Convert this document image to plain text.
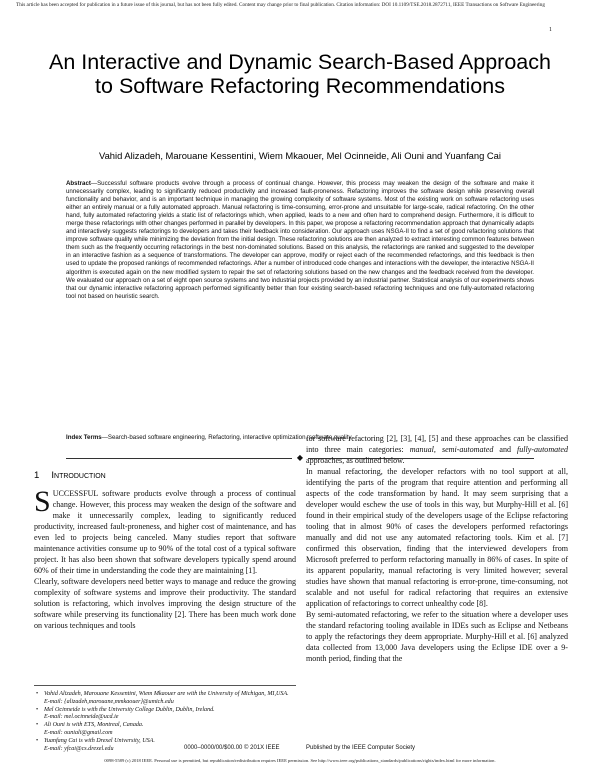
This article has been accepted for publication in a future issue of this journal, but has not been fully edited. Content may change prior to final publication. Citation information: DOI 10.1109/TSE.2018.2872711, IEEE Transactions on Software Engineering
1
An Interactive and Dynamic Search-Based Approach to Software Refactoring Recommendations
Vahid Alizadeh, Marouane Kessentini, Wiem Mkaouer, Mel Ocinneide, Ali Ouni and Yuanfang Cai
Abstract—Successful software products evolve through a process of continual change. However, this process may weaken the design of the software and make it unnecessarily complex, leading to significantly reduced productivity and increased fault-proneness. Refactoring improves the software design while preserving overall functionality and behavior, and is an important technique in managing the growing complexity of software systems. Most of the existing work on software refactoring uses either an entirely manual or a fully automated approach. Manual refactoring is time-consuming, error-prone and unsuitable for large-scale, radical refactoring. On the other hand, fully automated refactoring yields a static list of refactorings which, when applied, leads to a new and often hard to comprehend design. Furthermore, it is difficult to merge these refactorings with other changes performed in parallel by developers. In this paper, we propose a refactoring recommendation approach that dynamically adapts and interactively suggests refactorings to developers and takes their feedback into consideration. Our approach uses NSGA-II to find a set of good refactoring solutions that improve software quality while minimizing the deviation from the initial design. These refactoring solutions are then analyzed to extract interesting common features between them such as the frequently occurring refactorings in the best non-dominated solutions. Based on this analysis, the refactorings are ranked and suggested to the developer in an interactive fashion as a sequence of transformations. The developer can approve, modify or reject each of the recommended refactorings, and this feedback is then used to update the proposed rankings of recommended refactorings. After a number of introduced code changes and interactions with the developer, the interactive NSGA-II algorithm is executed again on the new modified system to repair the set of refactoring solutions based on the new changes and the feedback received from the developer. We evaluated our approach on a set of eight open source systems and two industrial projects provided by an industrial partner. Statistical analysis of our experiments shows that our dynamic interactive refactoring approach performed significantly better than four existing search-based refactoring techniques and one fully-automated refactoring tool not based on heuristic search.
Index Terms—Search-based software engineering, Refactoring, interactive optimization, software quality.
◆
1 Introduction

SUCCESSFUL software products evolve through a process of continual change. However, this process may weaken the design of the software and make it unnecessarily complex, leading to significantly reduced productivity, increased fault-proneness, and higher cost of maintenance, and has even led to projects being canceled. Many studies report that software maintenance activities consume up to 90% of the total cost of a typical software project. It has also been shown that software developers typically spend around 60% of their time in understanding the code they are maintaining [1].

Clearly, software developers need better ways to manage and reduce the growing complexity of software systems and improve their productivity. The standard solution is refactoring, which involves improving the design structure of the software while preserving its functionality [2]. There has been much work done on various techniques and tools

for software refactoring [2], [3], [4], [5] and these approaches can be classified into three main categories: manual, semi-automated and fully-automated approaches, as outlined below.

In manual refactoring, the developer refactors with no tool support at all, identifying the parts of the program that require attention and performing all aspects of the code transformation by hand. It may seem surprising that a developer would eschew the use of tools in this way, but Murphy-Hill et al. [6] found in their empirical study of the developers usage of the Eclipse refactoring tooling that in almost 90% of cases the developers performed refactorings manually and did not use any automated refactoring tools. Kim et al. [7] confirmed this observation, finding that the interviewed developers from Microsoft preferred to perform refactoring manually in 86% of cases. In spite of its apparent popularity, manual refactoring is very limited however; several studies have shown that manual refactoring is error-prone, time-consuming, not scalable and not useful for radical refactoring that requires an extensive application of refactorings to correct unhealthy code [8].

By semi-automated refactoring, we refer to the situation where a developer uses the standard refactoring tooling available in IDEs such as Eclipse and Netbeans to apply the refactorings they deem appropriate. Murphy-Hill et al. [6] analyzed data collected from 13,000 Java developers using the Eclipse IDE over a 9-month period, finding that the

• Vahid Alizadeh, Marouane Kessentini, Wiem Mkaouer are with the University of Michigan, MI,USA.
E-mail: {alizadeh,marouane,mmkaouer}@umich.edu
• Mel Ocinneide is with the University College Dublin, Dublin, Ireland.
E-mail: mel.ocinneide@ucd.ie
• Ali Ouni is with ETS, Montreal, Canada.
E-mail: ouniali@gmail.com
• Yuanfang Cai is with Drexel University, USA.
E-mail: yfcai@cs.drexel.edu	0000–0000/00/$00.00 © 201X IEEE	Published by the IEEE Computer Society
0098-5589 (c) 2018 IEEE. Personal use is permitted, but republication/redistribution requires IEEE permission. See http://www.ieee.org/publications_standards/publications/rights/index.html for more information.
